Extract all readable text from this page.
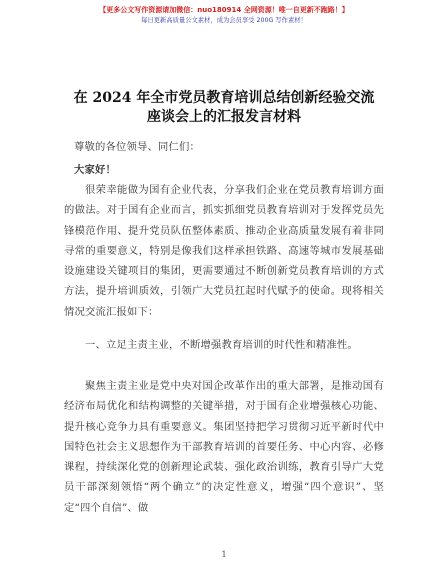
【更多公文写作资源请加微信：nuo180914 全网资源！唯一自更新不跑路！】
每日更新高质量公文素材，成为会员享受 200G 写作素材！
在 2024 年全市党员教育培训总结创新经验交流
座谈会上的汇报发言材料
尊敬的各位领导、同仁们：
大家好！
很荣幸能做为国有企业代表，分享我们企业在党员教育培训方面的做法。对于国有企业而言，抓实抓细党员教育培训对于发挥党员先锋模范作用、提升党员队伍整体素质、推动企业高质量发展有着非同寻常的重要意义，特别是像我们这样承担铁路、高速等城市发展基础设施建设关键项目的集团，更需要通过不断创新党员教育培训的方式方法，提升培训质效，引领广大党员扛起时代赋予的使命。现将相关情况交流汇报如下：
一、立足主责主业，不断增强教育培训的时代性和精准性。
聚焦主责主业是党中央对国企改革作出的重大部署，是推动国有经济布局优化和结构调整的关键举措，对于国有企业增强核心功能、提升核心竞争力具有重要意义。集团坚持把学习贯彻习近平新时代中国特色社会主义思想作为干部教育培训的首要任务、中心内容、必修课程，持续深化党的创新理论武装、强化政治训练，教育引导广大党员干部深刻领悟“两个确立”的决定性意义，增强“四个意识”、坚定“四个自信”、做
1
